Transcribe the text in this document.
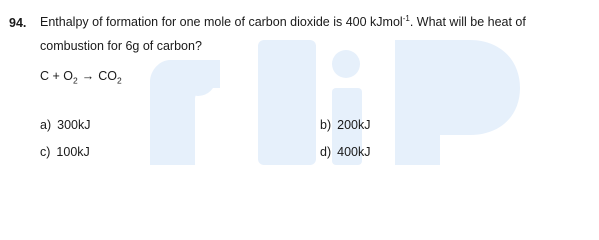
94. Enthalpy of formation for one mole of carbon dioxide is 400 kJmol$^{-1}$. What will be heat of combustion for 6g of carbon?
$C + O_2 \to CO_2$
a) 300kJ	b) 200kJ
c) 100kJ	d) 400kJ
